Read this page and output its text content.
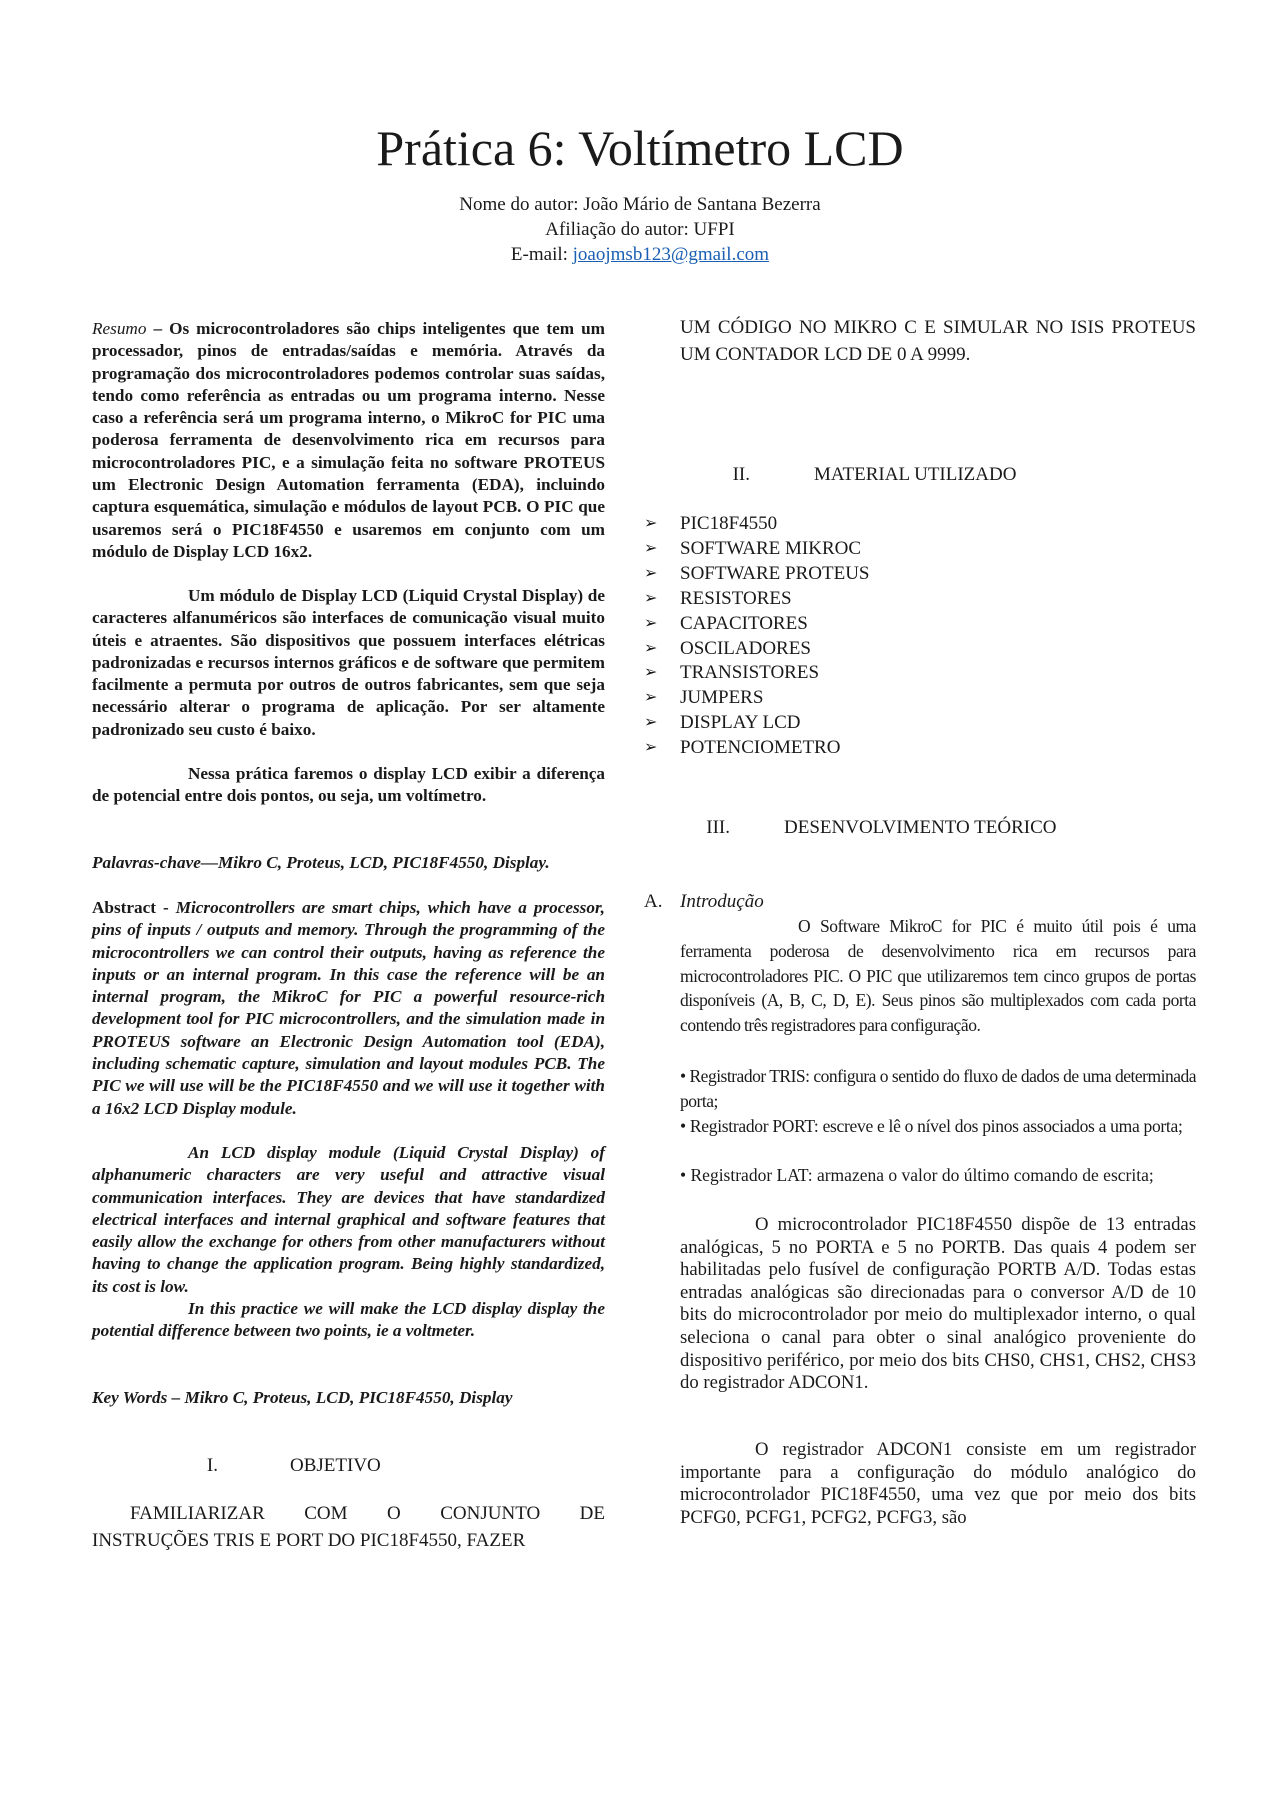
Prática 6: Voltímetro LCD
Nome do autor: João Mário de Santana Bezerra
Afiliação do autor: UFPI
E-mail: joaojmsb123@gmail.com
Resumo – Os microcontroladores são chips inteligentes que tem um processador, pinos de entradas/saídas e memória. Através da programação dos microcontroladores podemos controlar suas saídas, tendo como referência as entradas ou um programa interno. Nesse caso a referência será um programa interno, o MikroC for PIC uma poderosa ferramenta de desenvolvimento rica em recursos para microcontroladores PIC, e a simulação feita no software PROTEUS um Electronic Design Automation ferramenta (EDA), incluindo captura esquemática, simulação e módulos de layout PCB. O PIC que usaremos será o PIC18F4550 e usaremos em conjunto com um módulo de Display LCD 16x2.
Um módulo de Display LCD (Liquid Crystal Display) de caracteres alfanuméricos são interfaces de comunicação visual muito úteis e atraentes. São dispositivos que possuem interfaces elétricas padronizadas e recursos internos gráficos e de software que permitem facilmente a permuta por outros de outros fabricantes, sem que seja necessário alterar o programa de aplicação. Por ser altamente padronizado seu custo é baixo.
Nessa prática faremos o display LCD exibir a diferença de potencial entre dois pontos, ou seja, um voltímetro.
Palavras-chave—Mikro C, Proteus, LCD, PIC18F4550, Display.
Abstract - Microcontrollers are smart chips, which have a processor, pins of inputs / outputs and memory. Through the programming of the microcontrollers we can control their outputs, having as reference the inputs or an internal program. In this case the reference will be an internal program, the MikroC for PIC a powerful resource-rich development tool for PIC microcontrollers, and the simulation made in PROTEUS software an Electronic Design Automation tool (EDA), including schematic capture, simulation and layout modules PCB. The PIC we will use will be the PIC18F4550 and we will use it together with a 16x2 LCD Display module.
An LCD display module (Liquid Crystal Display) of alphanumeric characters are very useful and attractive visual communication interfaces. They are devices that have standardized electrical interfaces and internal graphical and software features that easily allow the exchange for others from other manufacturers without having to change the application program. Being highly standardized, its cost is low.
In this practice we will make the LCD display display the potential difference between two points, ie a voltmeter.
Key Words – Mikro C, Proteus, LCD, PIC18F4550, Display
I.	OBJETIVO
FAMILIARIZAR COM O CONJUNTO DE
INSTRUÇÕES TRIS E PORT DO PIC18F4550, FAZER
UM CÓDIGO NO MIKRO C E SIMULAR NO ISIS PROTEUS UM CONTADOR LCD DE 0 A 9999.
II.	MATERIAL UTILIZADO
➢ PIC18F4550
➢ SOFTWARE MIKROC
➢ SOFTWARE PROTEUS
➢ RESISTORES
➢ CAPACITORES
➢ OSCILADORES
➢ TRANSISTORES
➢ JUMPERS
➢ DISPLAY LCD
➢ POTENCIOMETRO
III.	DESENVOLVIMENTO TEÓRICO
A. Introdução
O Software MikroC for PIC é muito útil pois é uma ferramenta poderosa de desenvolvimento rica em recursos para microcontroladores PIC. O PIC que utilizaremos tem cinco grupos de portas disponíveis (A, B, C, D, E). Seus pinos são multiplexados com cada porta contendo três registradores para configuração.
• Registrador TRIS: configura o sentido do fluxo de dados de uma determinada porta;
• Registrador PORT: escreve e lê o nível dos pinos associados a uma porta;
• Registrador LAT: armazena o valor do último comando de escrita;
O microcontrolador PIC18F4550 dispõe de 13 entradas analógicas, 5 no PORTA e 5 no PORTB. Das quais 4 podem ser habilitadas pelo fusível de configuração PORTB A/D. Todas estas entradas analógicas são direcionadas para o conversor A/D de 10 bits do microcontrolador por meio do multiplexador interno, o qual seleciona o canal para obter o sinal analógico proveniente do dispositivo periférico, por meio dos bits CHS0, CHS1, CHS2, CHS3 do registrador ADCON1.
O registrador ADCON1 consiste em um registrador importante para a configuração do módulo analógico do microcontrolador PIC18F4550, uma vez que por meio dos bits PCFG0, PCFG1, PCFG2, PCFG3, são
